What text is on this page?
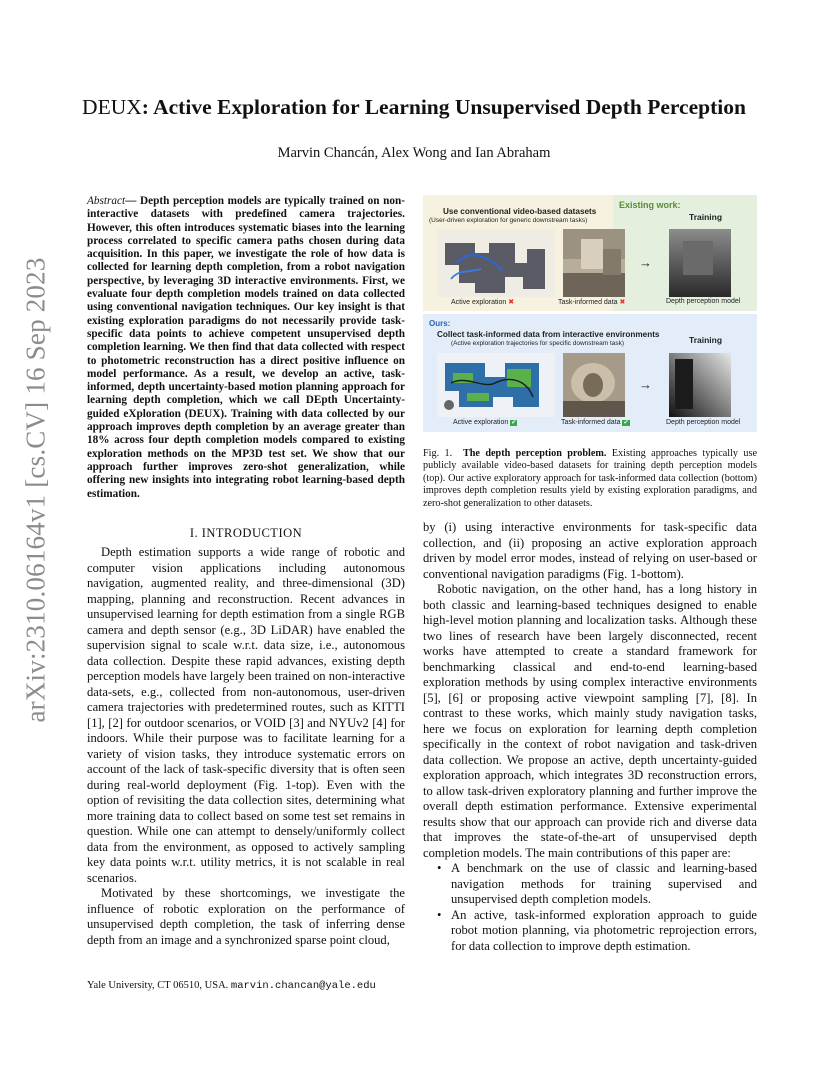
arXiv:2310.06164v1 [cs.CV] 16 Sep 2023
DEUX: Active Exploration for Learning Unsupervised Depth Perception
Marvin Chancán, Alex Wong and Ian Abraham
Abstract— Depth perception models are typically trained on non-interactive datasets with predefined camera trajectories. However, this often introduces systematic biases into the learning process correlated to specific camera paths chosen during data acquisition. In this paper, we investigate the role of how data is collected for learning depth completion, from a robot navigation perspective, by leveraging 3D interactive environments. First, we evaluate four depth completion models trained on data collected using conventional navigation techniques. Our key insight is that existing exploration paradigms do not necessarily provide task-specific data points to achieve competent unsupervised depth completion learning. We then find that data collected with respect to photometric reconstruction has a direct positive influence on model performance. As a result, we develop an active, task-informed, depth uncertainty-based motion planning approach for learning depth completion, which we call DEpth Uncertainty-guided eXploration (DEUX). Training with data collected by our approach improves depth completion by an average greater than 18% across four depth completion models compared to existing exploration methods on the MP3D test set. We show that our approach further improves zero-shot generalization, while offering new insights into integrating robot learning-based depth estimation.
I. INTRODUCTION

Depth estimation supports a wide range of robotic and computer vision applications including autonomous navigation, augmented reality, and three-dimensional (3D) mapping, planning and reconstruction. Recent advances in unsupervised learning for depth estimation from a single RGB camera and depth sensor (e.g., 3D LiDAR) have enabled the supervision signal to scale w.r.t. data size, i.e., autonomous data collection. Despite these rapid advances, existing depth perception models have largely been trained on non-interactive data-sets, e.g., collected from non-autonomous, user-driven camera trajectories with predetermined routes, such as KITTI [1], [2] for outdoor scenarios, or VOID [3] and NYUv2 [4] for indoors. While their purpose was to facilitate learning for a variety of vision tasks, they introduce systematic errors on account of the lack of task-specific diversity that is often seen during real-world deployment (Fig. 1-top). Even with the option of revisiting the data collection sites, determining what more training data to collect based on some test set remains in question. While one can attempt to densely/uniformly collect data from the environment, as opposed to actively sampling key data points w.r.t. utility metrics, it is not scalable in real scenarios.

Motivated by these shortcomings, we investigate the influence of robotic exploration on the performance of unsupervised depth completion, the task of inferring dense depth from an image and a synchronized sparse point cloud,

Yale University, CT 06510, USA. marvin.chancan@yale.edu
Existing work:
Use conventional video-based datasets
(User-driven exploration for generic downstream tasks)	Training
→
Active exploration ✖	Task-informed data ✖	Depth perception model
Ours:
Collect task-informed data from interactive environments
(Active exploration trajectories for specific downstream task)	Training
→
Active exploration ✔	Task-informed data ✔	Depth perception model
Fig. 1. The depth perception problem. Existing approaches typically use publicly available video-based datasets for training depth perception models (top). Our active exploratory approach for task-informed data collection (bottom) improves depth completion results yield by existing exploration paradigms, and zero-shot generalization to other datasets.

by (i) using interactive environments for task-specific data collection, and (ii) proposing an active exploration approach driven by model error modes, instead of relying on user-based or conventional navigation paradigms (Fig. 1-bottom).

Robotic navigation, on the other hand, has a long history in both classic and learning-based techniques designed to enable high-level motion planning and localization tasks. Although these two lines of research have been largely disconnected, recent works have attempted to create a standard framework for benchmarking classical and end-to-end learning-based exploration methods by using complex interactive environments [5], [6] or proposing active viewpoint sampling [7], [8]. In contrast to these works, which mainly study navigation tasks, here we focus on exploration for learning depth completion specifically in the context of robot navigation and task-driven data collection. We propose an active, depth uncertainty-guided exploration approach, which integrates 3D reconstruction errors, to allow task-driven exploratory planning and further improve the overall depth estimation performance. Extensive experimental results show that our approach can provide rich and diverse data that improves the state-of-the-art of unsupervised depth completion models. The main contributions of this paper are:

• A benchmark on the use of classic and learning-based navigation methods for training supervised and unsupervised depth completion models.
• An active, task-informed exploration approach to guide robot motion planning, via photometric reprojection errors, for data collection to improve depth estimation.
